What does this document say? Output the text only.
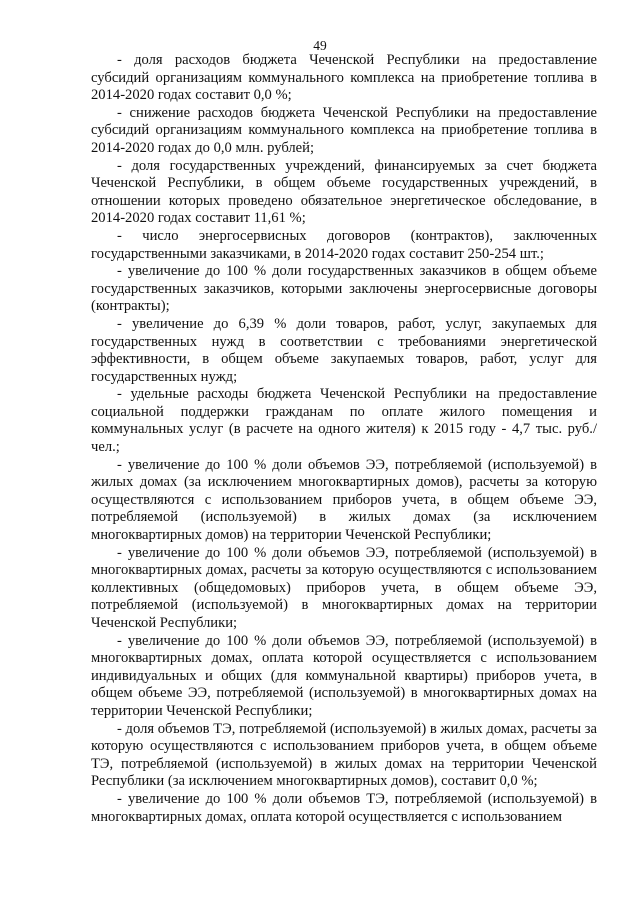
49

- доля расходов бюджета Чеченской Республики на предоставление субсидий организациям коммунального комплекса на приобретение топлива в 2014-2020 годах составит 0,0 %;

- снижение расходов бюджета Чеченской Республики на предоставление субсидий организациям коммунального комплекса на приобретение топлива в 2014-2020 годах до 0,0 млн. рублей;

- доля государственных учреждений, финансируемых за счет бюджета Чеченской Республики, в общем объеме государственных учреждений, в отношении которых проведено обязательное энергетическое обследование, в 2014-2020 годах составит 11,61 %;

- число энергосервисных договоров (контрактов), заключенных государственными заказчиками, в 2014-2020 годах составит 250-254 шт.;

- увеличение до 100 % доли государственных заказчиков в общем объеме государственных заказчиков, которыми заключены энергосервисные договоры (контракты);

- увеличение до 6,39 % доли товаров, работ, услуг, закупаемых для государственных нужд в соответствии с требованиями энергетической эффективности, в общем объеме закупаемых товаров, работ, услуг для государственных нужд;

- удельные расходы бюджета Чеченской Республики на предоставление социальной поддержки гражданам по оплате жилого помещения и коммунальных услуг (в расчете на одного жителя) к 2015 году - 4,7 тыс. руб./чел.;

- увеличение до 100 % доли объемов ЭЭ, потребляемой (используемой) в жилых домах (за исключением многоквартирных домов), расчеты за которую осуществляются с использованием приборов учета, в общем объеме ЭЭ, потребляемой (используемой) в жилых домах (за исключением многоквартирных домов) на территории Чеченской Республики;

- увеличение до 100 % доли объемов ЭЭ, потребляемой (используемой) в многоквартирных домах, расчеты за которую осуществляются с использованием коллективных (общедомовых) приборов учета, в общем объеме ЭЭ, потребляемой (используемой) в многоквартирных домах на территории Чеченской Республики;

- увеличение до 100 % доли объемов ЭЭ, потребляемой (используемой) в многоквартирных домах, оплата которой осуществляется с использованием индивидуальных и общих (для коммунальной квартиры) приборов учета, в общем объеме ЭЭ, потребляемой (используемой) в многоквартирных домах на территории Чеченской Республики;

- доля объемов ТЭ, потребляемой (используемой) в жилых домах, расчеты за которую осуществляются с использованием приборов учета, в общем объеме ТЭ, потребляемой (используемой) в жилых домах на территории Чеченской Республики (за исключением многоквартирных домов), составит 0,0 %;

- увеличение до 100 % доли объемов ТЭ, потребляемой (используемой) в многоквартирных домах, оплата которой осуществляется с использованием
